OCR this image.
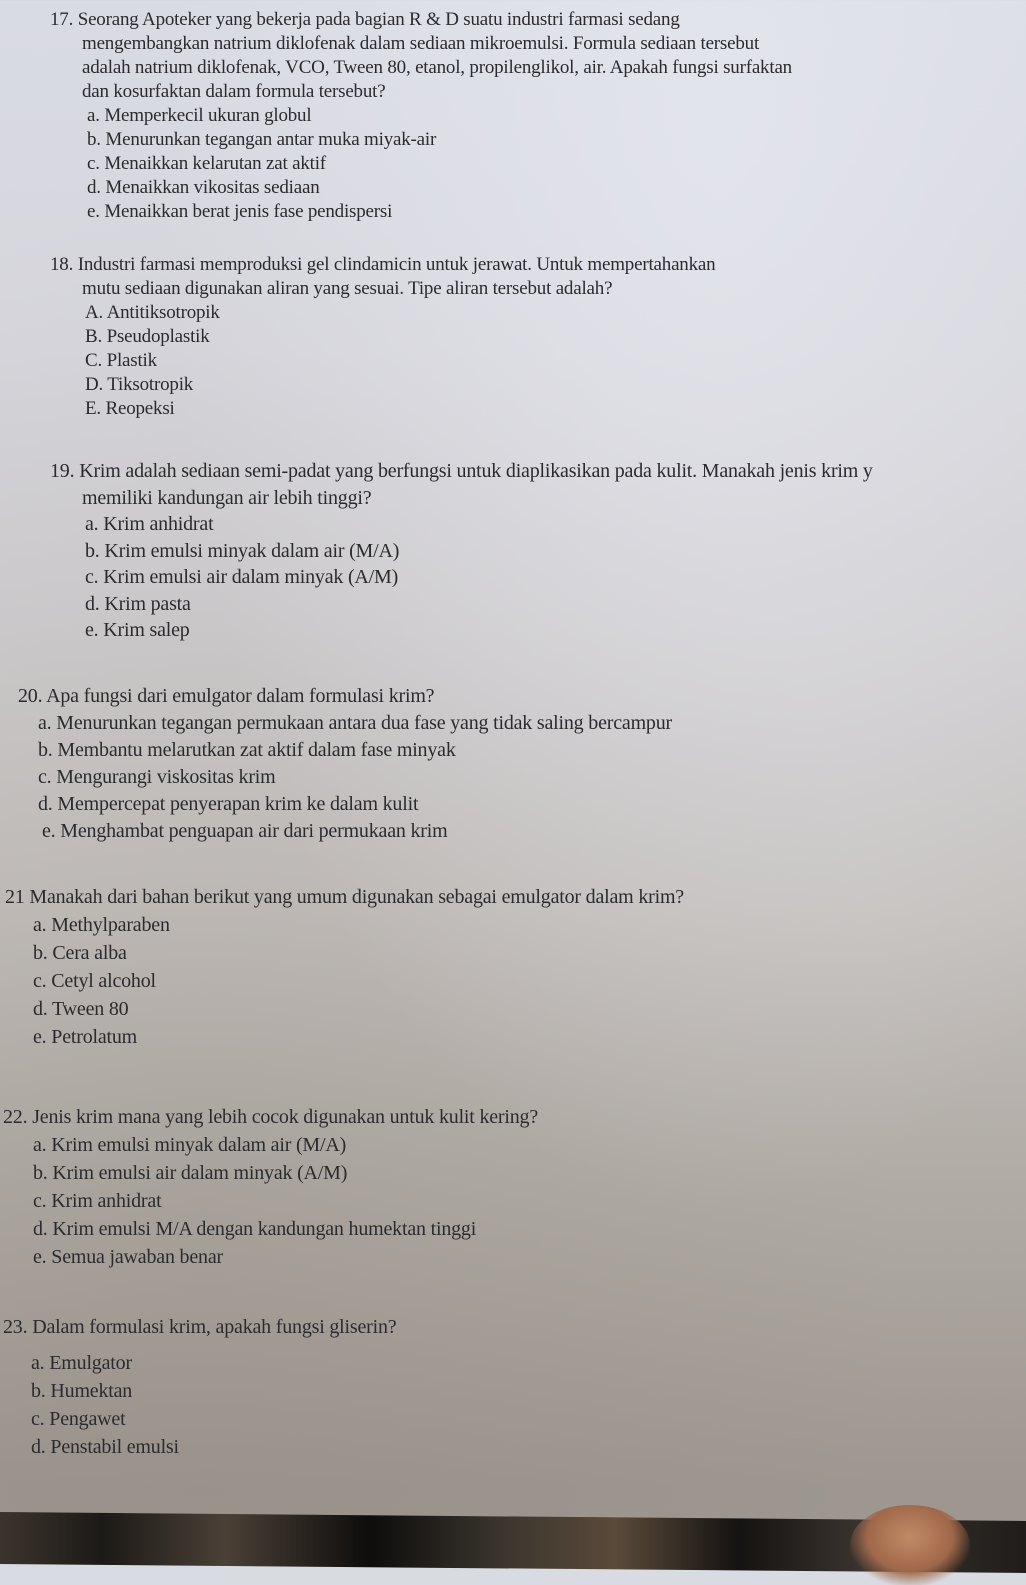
17. Seorang Apoteker yang bekerja pada bagian R & D suatu industri farmasi sedang
mengembangkan natrium diklofenak dalam sediaan mikroemulsi. Formula sediaan tersebut
adalah natrium diklofenak, VCO, Tween 80, etanol, propilenglikol, air. Apakah fungsi surfaktan
dan kosurfaktan dalam formula tersebut?
a. Memperkecil ukuran globul
b. Menurunkan tegangan antar muka miyak-air
c. Menaikkan kelarutan zat aktif
d. Menaikkan vikositas sediaan
e. Menaikkan berat jenis fase pendispersi
18. Industri farmasi memproduksi gel clindamicin untuk jerawat. Untuk mempertahankan
mutu sediaan digunakan aliran yang sesuai. Tipe aliran tersebut adalah?
A. Antitiksotropik
B. Pseudoplastik
C. Plastik
D. Tiksotropik
E. Reopeksi
19. Krim adalah sediaan semi-padat yang berfungsi untuk diaplikasikan pada kulit. Manakah jenis krim y
memiliki kandungan air lebih tinggi?
a. Krim anhidrat
b. Krim emulsi minyak dalam air (M/A)
c. Krim emulsi air dalam minyak (A/M)
d. Krim pasta
e. Krim salep
20. Apa fungsi dari emulgator dalam formulasi krim?
a. Menurunkan tegangan permukaan antara dua fase yang tidak saling bercampur
b. Membantu melarutkan zat aktif dalam fase minyak
c. Mengurangi viskositas krim
d. Mempercepat penyerapan krim ke dalam kulit
e. Menghambat penguapan air dari permukaan krim
21 Manakah dari bahan berikut yang umum digunakan sebagai emulgator dalam krim?
a. Methylparaben
b. Cera alba
c. Cetyl alcohol
d. Tween 80
e. Petrolatum
22. Jenis krim mana yang lebih cocok digunakan untuk kulit kering?
a. Krim emulsi minyak dalam air (M/A)
b. Krim emulsi air dalam minyak (A/M)
c. Krim anhidrat
d. Krim emulsi M/A dengan kandungan humektan tinggi
e. Semua jawaban benar
23. Dalam formulasi krim, apakah fungsi gliserin?
a. Emulgator
b. Humektan
c. Pengawet
d. Penstabil emulsi
